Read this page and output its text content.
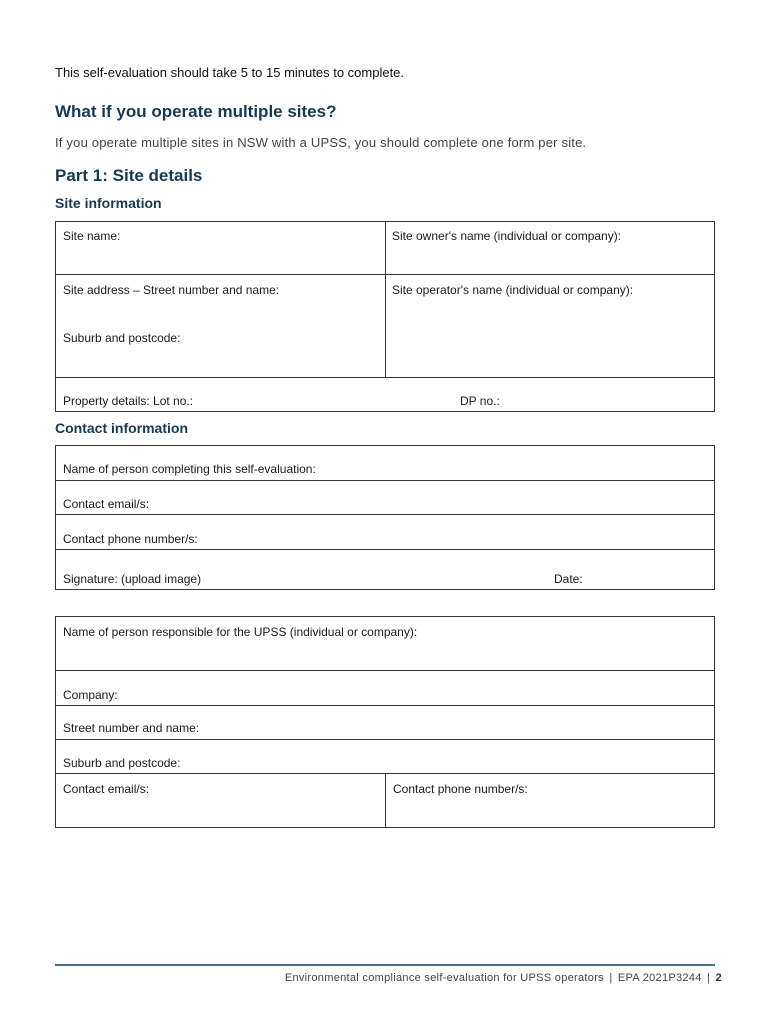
This self-evaluation should take 5 to 15 minutes to complete.
What if you operate multiple sites?
If you operate multiple sites in NSW with a UPSS, you should complete one form per site.
Part 1: Site details
Site information
Site name:	Site owner's name (individual or company):
Site address – Street number and name:	Site operator's name (individual or company):
Suburb and postcode:
Property details: Lot no.:	DP no.:
Contact information
Name of person completing this self-evaluation:
Contact email/s:
Contact phone number/s:
Signature: (upload image)	Date:
Name of person responsible for the UPSS (individual or company):
Company:
Street number and name:
Suburb and postcode:
Contact email/s:	Contact phone number/s:
Environmental compliance self-evaluation for UPSS operators | EPA 2021P3244 | 2
